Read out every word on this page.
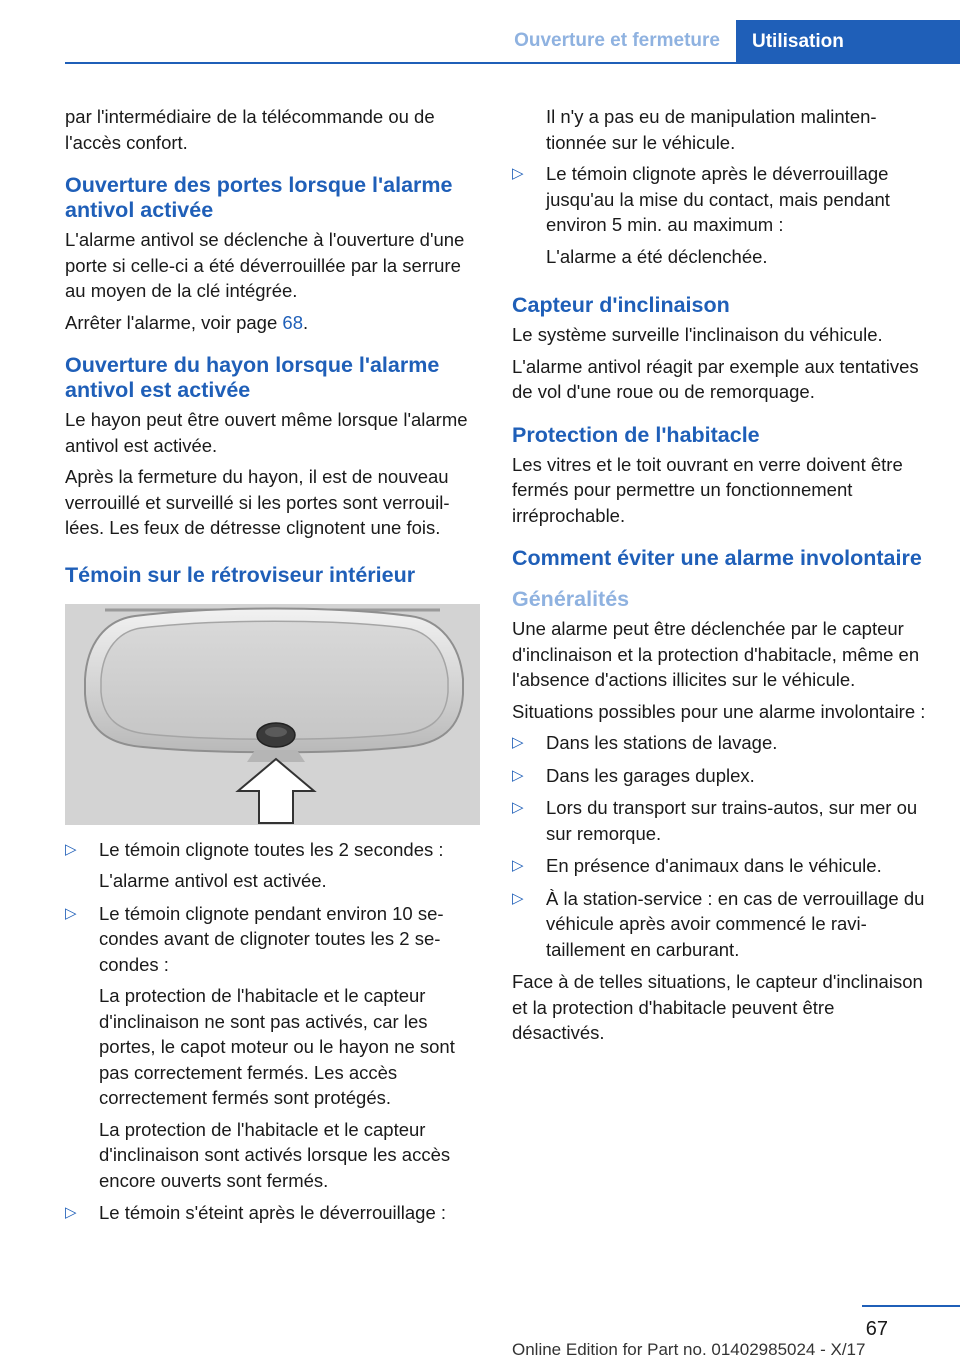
Ouverture et fermeture	Utilisation

par l'intermédiaire de la télécommande ou de l'accès confort.

Ouverture des portes lorsque l'alarme antivol activée

L'alarme antivol se déclenche à l'ouverture d'une porte si celle-ci a été déverrouillée par la serrure au moyen de la clé intégrée.

Arrêter l'alarme, voir page 68.

Ouverture du hayon lorsque l'alarme antivol est activée

Le hayon peut être ouvert même lorsque l'alarme antivol est activée.

Après la fermeture du hayon, il est de nouveau verrouillé et surveillé si les portes sont verrouillées. Les feux de détresse clignotent une fois.

Témoin sur le rétroviseur intérieur
▷ Le témoin clignote toutes les 2 secondes :

L'alarme antivol est activée.

▷ Le témoin clignote pendant environ 10 secondes avant de clignoter toutes les 2 secondes :

La protection de l'habitacle et le capteur d'inclinaison ne sont pas activés, car les portes, le capot moteur ou le hayon ne sont pas correctement fermés. Les accès correctement fermés sont protégés.

La protection de l'habitacle et le capteur d'inclinaison sont activés lorsque les accès encore ouverts sont fermés.

▷ Le témoin s'éteint après le déverrouillage :

Il n'y a pas eu de manipulation malintentionnée sur le véhicule.

▷ Le témoin clignote après le déverrouillage jusqu'au la mise du contact, mais pendant environ 5 min. au maximum :

L'alarme a été déclenchée.

Capteur d'inclinaison

Le système surveille l'inclinaison du véhicule.

L'alarme antivol réagit par exemple aux tentatives de vol d'une roue ou de remorquage.

Protection de l'habitacle

Les vitres et le toit ouvrant en verre doivent être fermés pour permettre un fonctionnement irréprochable.

Comment éviter une alarme involontaire
Généralités

Une alarme peut être déclenchée par le capteur d'inclinaison et la protection d'habitacle, même en l'absence d'actions illicites sur le véhicule.

Situations possibles pour une alarme involontaire :

▷ Dans les stations de lavage.

▷ Dans les garages duplex.

▷ Lors du transport sur trains-autos, sur mer ou sur remorque.

▷ En présence d'animaux dans le véhicule.

▷ À la station-service : en cas de verrouillage du véhicule après avoir commencé le ravitaillement en carburant.

Face à de telles situations, le capteur d'inclinaison et la protection d'habitacle peuvent être désactivés.

67
Online Edition for Part no. 01402985024 - X/17
